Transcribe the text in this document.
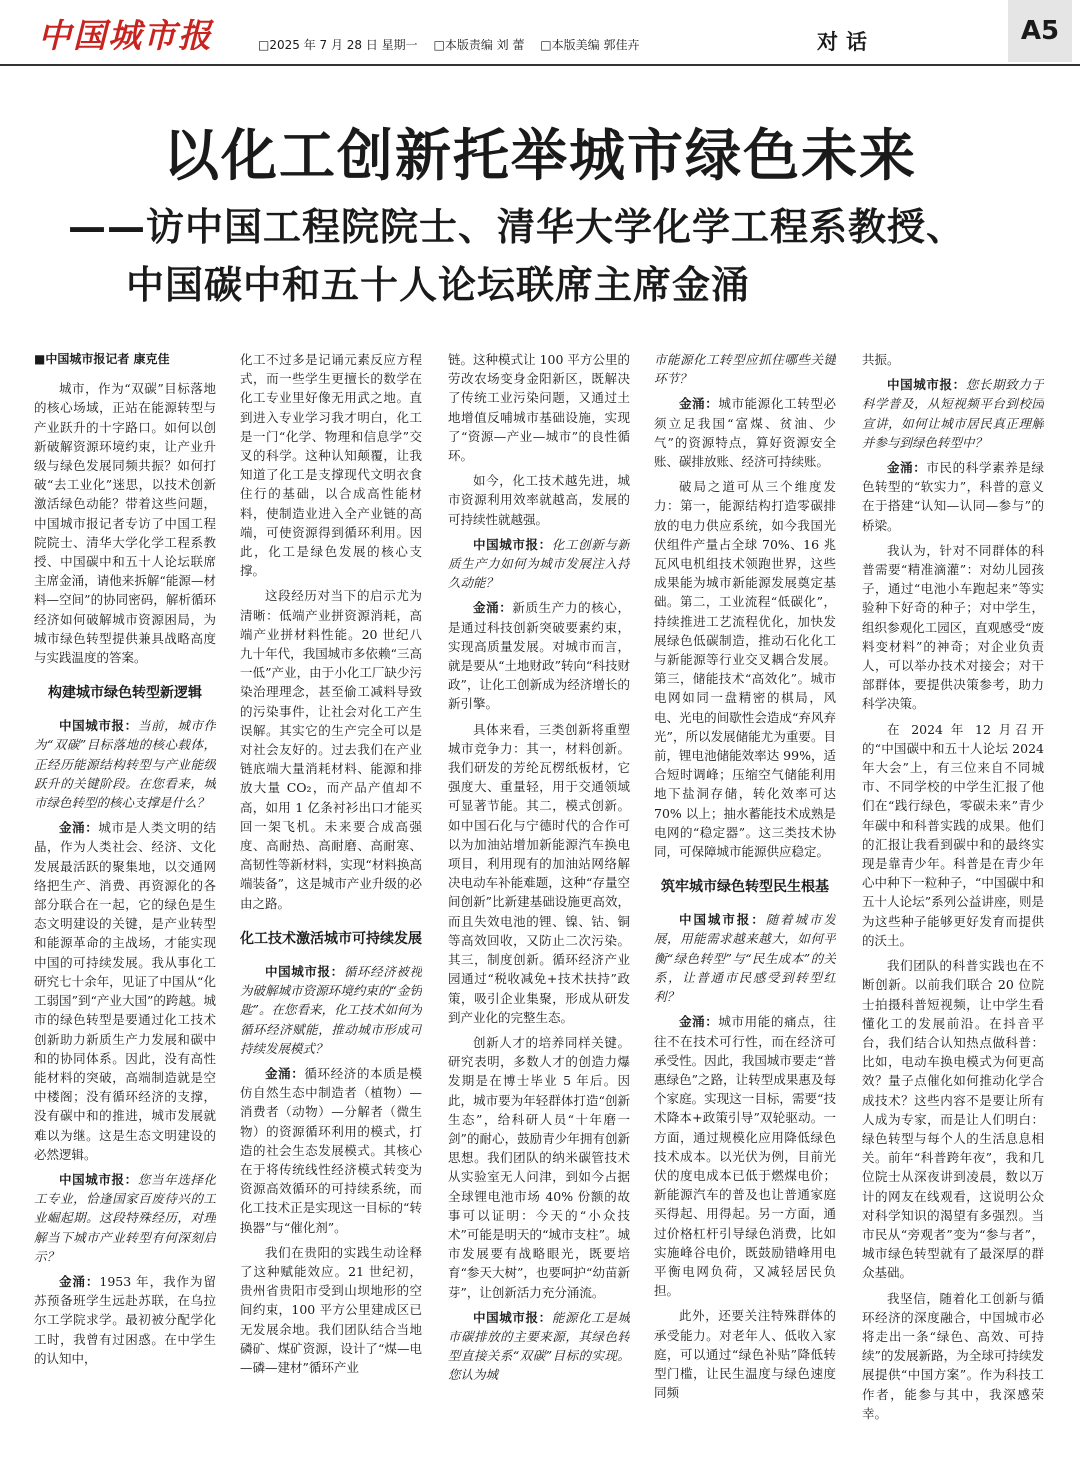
中国城市报	□2025 年 7 月 28 日 星期一 □本版责编 刘 蕾 □本版美编 郭佳卉	对话	A5
以化工创新托举城市绿色未来
——访中国工程院院士、清华大学化学工程系教授、
中国碳中和五十人论坛联席主席金涌
■中国城市报记者 康克佳

城市，作为“双碳”目标落地的核心场域，正站在能源转型与产业跃升的十字路口。如何以创新破解资源环境约束，让产业升级与绿色发展同频共振？如何打破“去工业化”迷思，以技术创新激活绿色动能？带着这些问题，中国城市报记者专访了中国工程院院士、清华大学化学工程系教授、中国碳中和五十人论坛联席主席金涌，请他来拆解“能源—材料—空间”的协同密码，解析循环经济如何破解城市资源困局，为城市绿色转型提供兼具战略高度与实践温度的答案。

构建城市绿色转型新逻辑

中国城市报：当前，城市作为“双碳”目标落地的核心载体，正经历能源结构转型与产业能级跃升的关键阶段。在您看来，城市绿色转型的核心支撑是什么？

金涌：城市是人类文明的结晶，作为人类社会、经济、文化发展最活跃的聚集地，以交通网络把生产、消费、再资源化的各部分联合在一起，它的绿色是生态文明建设的关键，是产业转型和能源革命的主战场，才能实现中国的可持续发展。我从事化工研究七十余年，见证了中国从“化工弱国”到“产业大国”的跨越。城市的绿色转型是要通过化工技术创新助力新质生产力发展和碳中和的协同体系。因此，没有高性能材料的突破，高端制造就是空中楼阁；没有循环经济的支撑，没有碳中和的推进，城市发展就难以为继。这是生态文明建设的必然逻辑。

中国城市报：您当年选择化工专业，恰逢国家百废待兴的工业崛起期。这段特殊经历，对理解当下城市产业转型有何深刻启示？

金涌：1953 年，我作为留苏预备班学生远赴苏联，在乌拉尔工学院求学。最初被分配学化工时，我曾有过困惑。在中学生的认知中，

化工不过多是记诵元素反应方程式，而一些学生更擅长的数学在化工专业里好像无用武之地。直到进入专业学习我才明白，化工是一门“化学、物理和信息学”交叉的科学。这种认知颠覆，让我知道了化工是支撑现代文明衣食住行的基础，以合成高性能材料，使制造业进入全产业链的高端，可使资源得到循环利用。因此，化工是绿色发展的核心支撑。

这段经历对当下的启示尤为清晰：低端产业拼资源消耗，高端产业拼材料性能。20 世纪八九十年代，我国城市多依赖“三高一低”产业，由于小化工厂缺少污染治理理念，甚至偷工减料导致的污染事件，让社会对化工产生误解。其实它的生产完全可以是对社会友好的。过去我们在产业链底端大量消耗材料、能源和排放大量 CO₂，而产品产值却不高，如用 1 亿条衬衫出口才能买回一架飞机。未来要合成高强度、高耐热、高耐磨、高耐寒、高韧性等新材料，实现“材料换高端装备”，这是城市产业升级的必由之路。

化工技术激活城市可持续发展

中国城市报：循环经济被视为破解城市资源环境约束的“金钥匙”。在您看来，化工技术如何为循环经济赋能，推动城市形成可持续发展模式？

金涌：循环经济的本质是模仿自然生态中制造者（植物）—消费者（动物）—分解者（微生物）的资源循环利用的模式，打造的社会生态发展模式。其核心在于将传统线性经济模式转变为资源高效循环的可持续系统，而化工技术正是实现这一目标的“转换器”与“催化剂”。

我们在贵阳的实践生动诠释了这种赋能效应。21 世纪初，贵州省贵阳市受到山坝地形的空间约束，100 平方公里建成区已无发展余地。我们团队结合当地磷矿、煤矿资源，设计了“煤—电—磷—建材”循环产业

链。这种模式让 100 平方公里的劳改农场变身金阳新区，既解决了传统工业污染问题，又通过土地增值反哺城市基础设施，实现了“资源—产业—城市”的良性循环。

如今，化工技术越先进，城市资源利用效率就越高，发展的可持续性就越强。

中国城市报：化工创新与新质生产力如何为城市发展注入持久动能？

金涌：新质生产力的核心，是通过科技创新突破要素约束，实现高质量发展。对城市而言，就是要从“土地财政”转向“科技财政”，让化工创新成为经济增长的新引擎。

具体来看，三类创新将重塑城市竞争力：其一，材料创新。我们研发的芳纶瓦楞纸板材，它强度大、重量轻，用于交通领域可显著节能。其二，模式创新。如中国石化与宁德时代的合作可以为加油站增加新能源汽车换电项目，利用现有的加油站网络解决电动车补能难题，这种“存量空间创新”比新建基础设施更高效，而且失效电池的锂、镍、钴、铜等高效回收，又防止二次污染。其三，制度创新。循环经济产业园通过“税收减免+技术扶持”政策，吸引企业集聚，形成从研发到产业化的完整生态。

创新人才的培养同样关键。研究表明，多数人才的创造力爆发期是在博士毕业 5 年后。因此，城市要为年轻群体打造“创新生态”，给科研人员“十年磨一剑”的耐心，鼓励青少年拥有创新思想。我们团队的纳米碳管技术从实验室无人问津，到如今占据全球锂电池市场 40% 份额的故事可以证明：今天的“小众技术”可能是明天的“城市支柱”。城市发展要有战略眼光，既要培育“参天大树”，也要呵护“幼苗新芽”，让创新活力充分涌流。

中国城市报：能源化工是城市碳排放的主要来源，其绿色转型直接关系“双碳”目标的实现。您认为城

市能源化工转型应抓住哪些关键环节？

金涌：城市能源化工转型必须立足我国“富煤、贫油、少气”的资源特点，算好资源安全账、碳排放账、经济可持续账。

破局之道可从三个维度发力：第一，能源结构打造零碳排放的电力供应系统，如今我国光伏组件产量占全球 70%、16 兆瓦风电机组技术领跑世界，这些成果能为城市新能源发展奠定基础。第二，工业流程“低碳化”，持续推进工艺流程优化，加快发展绿色低碳制造，推动石化化工与新能源等行业交叉耦合发展。第三，储能技术“高效化”。城市电网如同一盘精密的棋局，风电、光电的间歇性会造成“弃风弃光”，所以发展储能尤为重要。目前，锂电池储能效率达 99%，适合短时调峰；压缩空气储能利用地下盐洞存储，转化效率可达 70% 以上；抽水蓄能技术成熟是电网的“稳定器”。这三类技术协同，可保障城市能源供应稳定。

筑牢城市绿色转型民生根基

中国城市报：随着城市发展，用能需求越来越大，如何平衡“绿色转型”与“民生成本”的关系，让普通市民感受到转型红利？

金涌：城市用能的痛点，往往不在技术可行性，而在经济可承受性。因此，我国城市要走“普惠绿色”之路，让转型成果惠及每个家庭。实现这一目标，需要“技术降本+政策引导”双轮驱动。一方面，通过规模化应用降低绿色技术成本。以光伏为例，目前光伏的度电成本已低于燃煤电价；新能源汽车的普及也让普通家庭买得起、用得起。另一方面，通过价格杠杆引导绿色消费，比如实施峰谷电价，既鼓励错峰用电平衡电网负荷，又减轻居民负担。

此外，还要关注特殊群体的承受能力。对老年人、低收入家庭，可以通过“绿色补贴”降低转型门槛，让民生温度与绿色速度同频

共振。

中国城市报：您长期致力于科学普及，从短视频平台到校园宣讲，如何让城市居民真正理解并参与到绿色转型中？

金涌：市民的科学素养是绿色转型的“软实力”，科普的意义在于搭建“认知—认同—参与”的桥梁。

我认为，针对不同群体的科普需要“精准滴灌”：对幼儿园孩子，通过“电池小车跑起来”等实验种下好奇的种子；对中学生，组织参观化工园区，直观感受“废料变材料”的神奇；对企业负责人，可以举办技术对接会；对干部群体，要提供决策参考，助力科学决策。

在 2024 年 12 月召开的“中国碳中和五十人论坛 2024 年大会”上，有三位来自不同城市、不同学校的中学生汇报了他们在“践行绿色，零碳未来”青少年碳中和科普实践的成果。他们的汇报让我看到碳中和的最终实现是靠青少年。科普是在青少年心中种下一粒种子，“中国碳中和五十人论坛”系列公益讲座，则是为这些种子能够更好发育而提供的沃土。

我们团队的科普实践也在不断创新。以前我们联合 20 位院士拍摄科普短视频，让中学生看懂化工的发展前沿。在抖音平台，我们结合认知热点做科普：比如，电动车换电模式为何更高效？量子点催化如何推动化学合成技术？这些内容不是要让所有人成为专家，而是让人们明白：绿色转型与每个人的生活息息相关。前年“科普跨年夜”，我和几位院士从深夜讲到凌晨，数以万计的网友在线观看，这说明公众对科学知识的渴望有多强烈。当市民从“旁观者”变为“参与者”，城市绿色转型就有了最深厚的群众基础。

我坚信，随着化工创新与循环经济的深度融合，中国城市必将走出一条“绿色、高效、可持续”的发展新路，为全球可持续发展提供“中国方案”。作为科技工作者，能参与其中，我深感荣幸。
